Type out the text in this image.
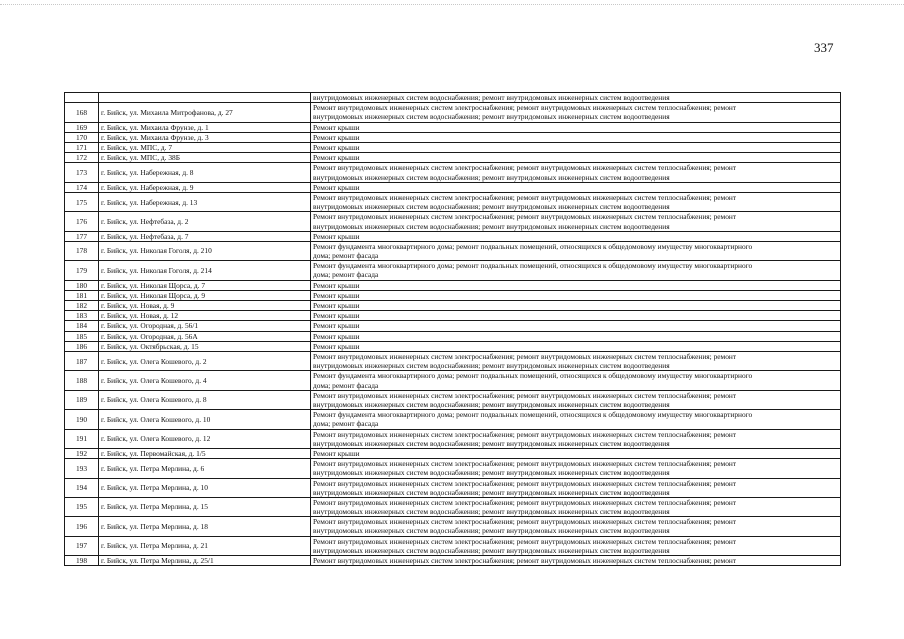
337

		внутридомовых инженерных систем водоснабжения; ремонт внутридомовых инженерных систем водоотведения

168	г. Бийск, ул. Михаила Митрофанова, д. 27	Ремонт внутридомовых инженерных систем электроснабжения; ремонт внутридомовых инженерных систем теплоснабжения; ремонт
внутридомовых инженерных систем водоснабжения; ремонт внутридомовых инженерных систем водоотведения

169	г. Бийск, ул. Михаила Фрунзе, д. 1	Ремонт крыши

170	г. Бийск, ул. Михаила Фрунзе, д. 3	Ремонт крыши

171	г. Бийск, ул. МПС, д. 7	Ремонт крыши

172	г. Бийск, ул. МПС, д. 38Б	Ремонт крыши

173	г. Бийск, ул. Набережная, д. 8	Ремонт внутридомовых инженерных систем электроснабжения; ремонт внутридомовых инженерных систем теплоснабжения; ремонт
внутридомовых инженерных систем водоснабжения; ремонт внутридомовых инженерных систем водоотведения

174	г. Бийск, ул. Набережная, д. 9	Ремонт крыши

175	г. Бийск, ул. Набережная, д. 13	Ремонт внутридомовых инженерных систем электроснабжения; ремонт внутридомовых инженерных систем теплоснабжения; ремонт
внутридомовых инженерных систем водоснабжения; ремонт внутридомовых инженерных систем водоотведения

176	г. Бийск, ул. Нефтебаза, д. 2	Ремонт внутридомовых инженерных систем электроснабжения; ремонт внутридомовых инженерных систем теплоснабжения; ремонт
внутридомовых инженерных систем водоснабжения; ремонт внутридомовых инженерных систем водоотведения

177	г. Бийск, ул. Нефтебаза, д. 7	Ремонт крыши

178	г. Бийск, ул. Николая Гоголя, д. 210	Ремонт фундамента многоквартирного дома; ремонт подвальных помещений, относящихся к общедомовому имуществу многоквартирного
дома; ремонт фасада

179	г. Бийск, ул. Николая Гоголя, д. 214	Ремонт фундамента многоквартирного дома; ремонт подвальных помещений, относящихся к общедомовому имуществу многоквартирного
дома; ремонт фасада

180	г. Бийск, ул. Николая Щорса, д. 7	Ремонт крыши

181	г. Бийск, ул. Николая Щорса, д. 9	Ремонт крыши

182	г. Бийск, ул. Новая, д. 9	Ремонт крыши

183	г. Бийск, ул. Новая, д. 12	Ремонт крыши

184	г. Бийск, ул. Огородная, д. 56/1	Ремонт крыши

185	г. Бийск, ул. Огородная, д. 56А	Ремонт крыши

186	г. Бийск, ул. Октябрьская, д. 15	Ремонт крыши

187	г. Бийск, ул. Олега Кошевого, д. 2	Ремонт внутридомовых инженерных систем электроснабжения; ремонт внутридомовых инженерных систем теплоснабжения; ремонт
внутридомовых инженерных систем водоснабжения; ремонт внутридомовых инженерных систем водоотведения

188	г. Бийск, ул. Олега Кошевого, д. 4	Ремонт фундамента многоквартирного дома; ремонт подвальных помещений, относящихся к общедомовому имуществу многоквартирного
дома; ремонт фасада

189	г. Бийск, ул. Олега Кошевого, д. 8	Ремонт внутридомовых инженерных систем электроснабжения; ремонт внутридомовых инженерных систем теплоснабжения; ремонт
внутридомовых инженерных систем водоснабжения; ремонт внутридомовых инженерных систем водоотведения

190	г. Бийск, ул. Олега Кошевого, д. 10	Ремонт фундамента многоквартирного дома; ремонт подвальных помещений, относящихся к общедомовому имуществу многоквартирного
дома; ремонт фасада

191	г. Бийск, ул. Олега Кошевого, д. 12	Ремонт внутридомовых инженерных систем электроснабжения; ремонт внутридомовых инженерных систем теплоснабжения; ремонт
внутридомовых инженерных систем водоснабжения; ремонт внутридомовых инженерных систем водоотведения

192	г. Бийск, ул. Первомайская, д. 1/5	Ремонт крыши

193	г. Бийск, ул. Петра Мерлина, д. 6	Ремонт внутридомовых инженерных систем электроснабжения; ремонт внутридомовых инженерных систем теплоснабжения; ремонт
внутридомовых инженерных систем водоснабжения; ремонт внутридомовых инженерных систем водоотведения

194	г. Бийск, ул. Петра Мерлина, д. 10	Ремонт внутридомовых инженерных систем электроснабжения; ремонт внутридомовых инженерных систем теплоснабжения; ремонт
внутридомовых инженерных систем водоснабжения; ремонт внутридомовых инженерных систем водоотведения

195	г. Бийск, ул. Петра Мерлина, д. 15	Ремонт внутридомовых инженерных систем электроснабжения; ремонт внутридомовых инженерных систем теплоснабжения; ремонт
внутридомовых инженерных систем водоснабжения; ремонт внутридомовых инженерных систем водоотведения

196	г. Бийск, ул. Петра Мерлина, д. 18	Ремонт внутридомовых инженерных систем электроснабжения; ремонт внутридомовых инженерных систем теплоснабжения; ремонт
внутридомовых инженерных систем водоснабжения; ремонт внутридомовых инженерных систем водоотведения

197	г. Бийск, ул. Петра Мерлина, д. 21	Ремонт внутридомовых инженерных систем электроснабжения; ремонт внутридомовых инженерных систем теплоснабжения; ремонт
внутридомовых инженерных систем водоснабжения; ремонт внутридомовых инженерных систем водоотведения

198	г. Бийск, ул. Петра Мерлина, д. 25/1	Ремонт внутридомовых инженерных систем электроснабжения; ремонт внутридомовых инженерных систем теплоснабжения; ремонт
